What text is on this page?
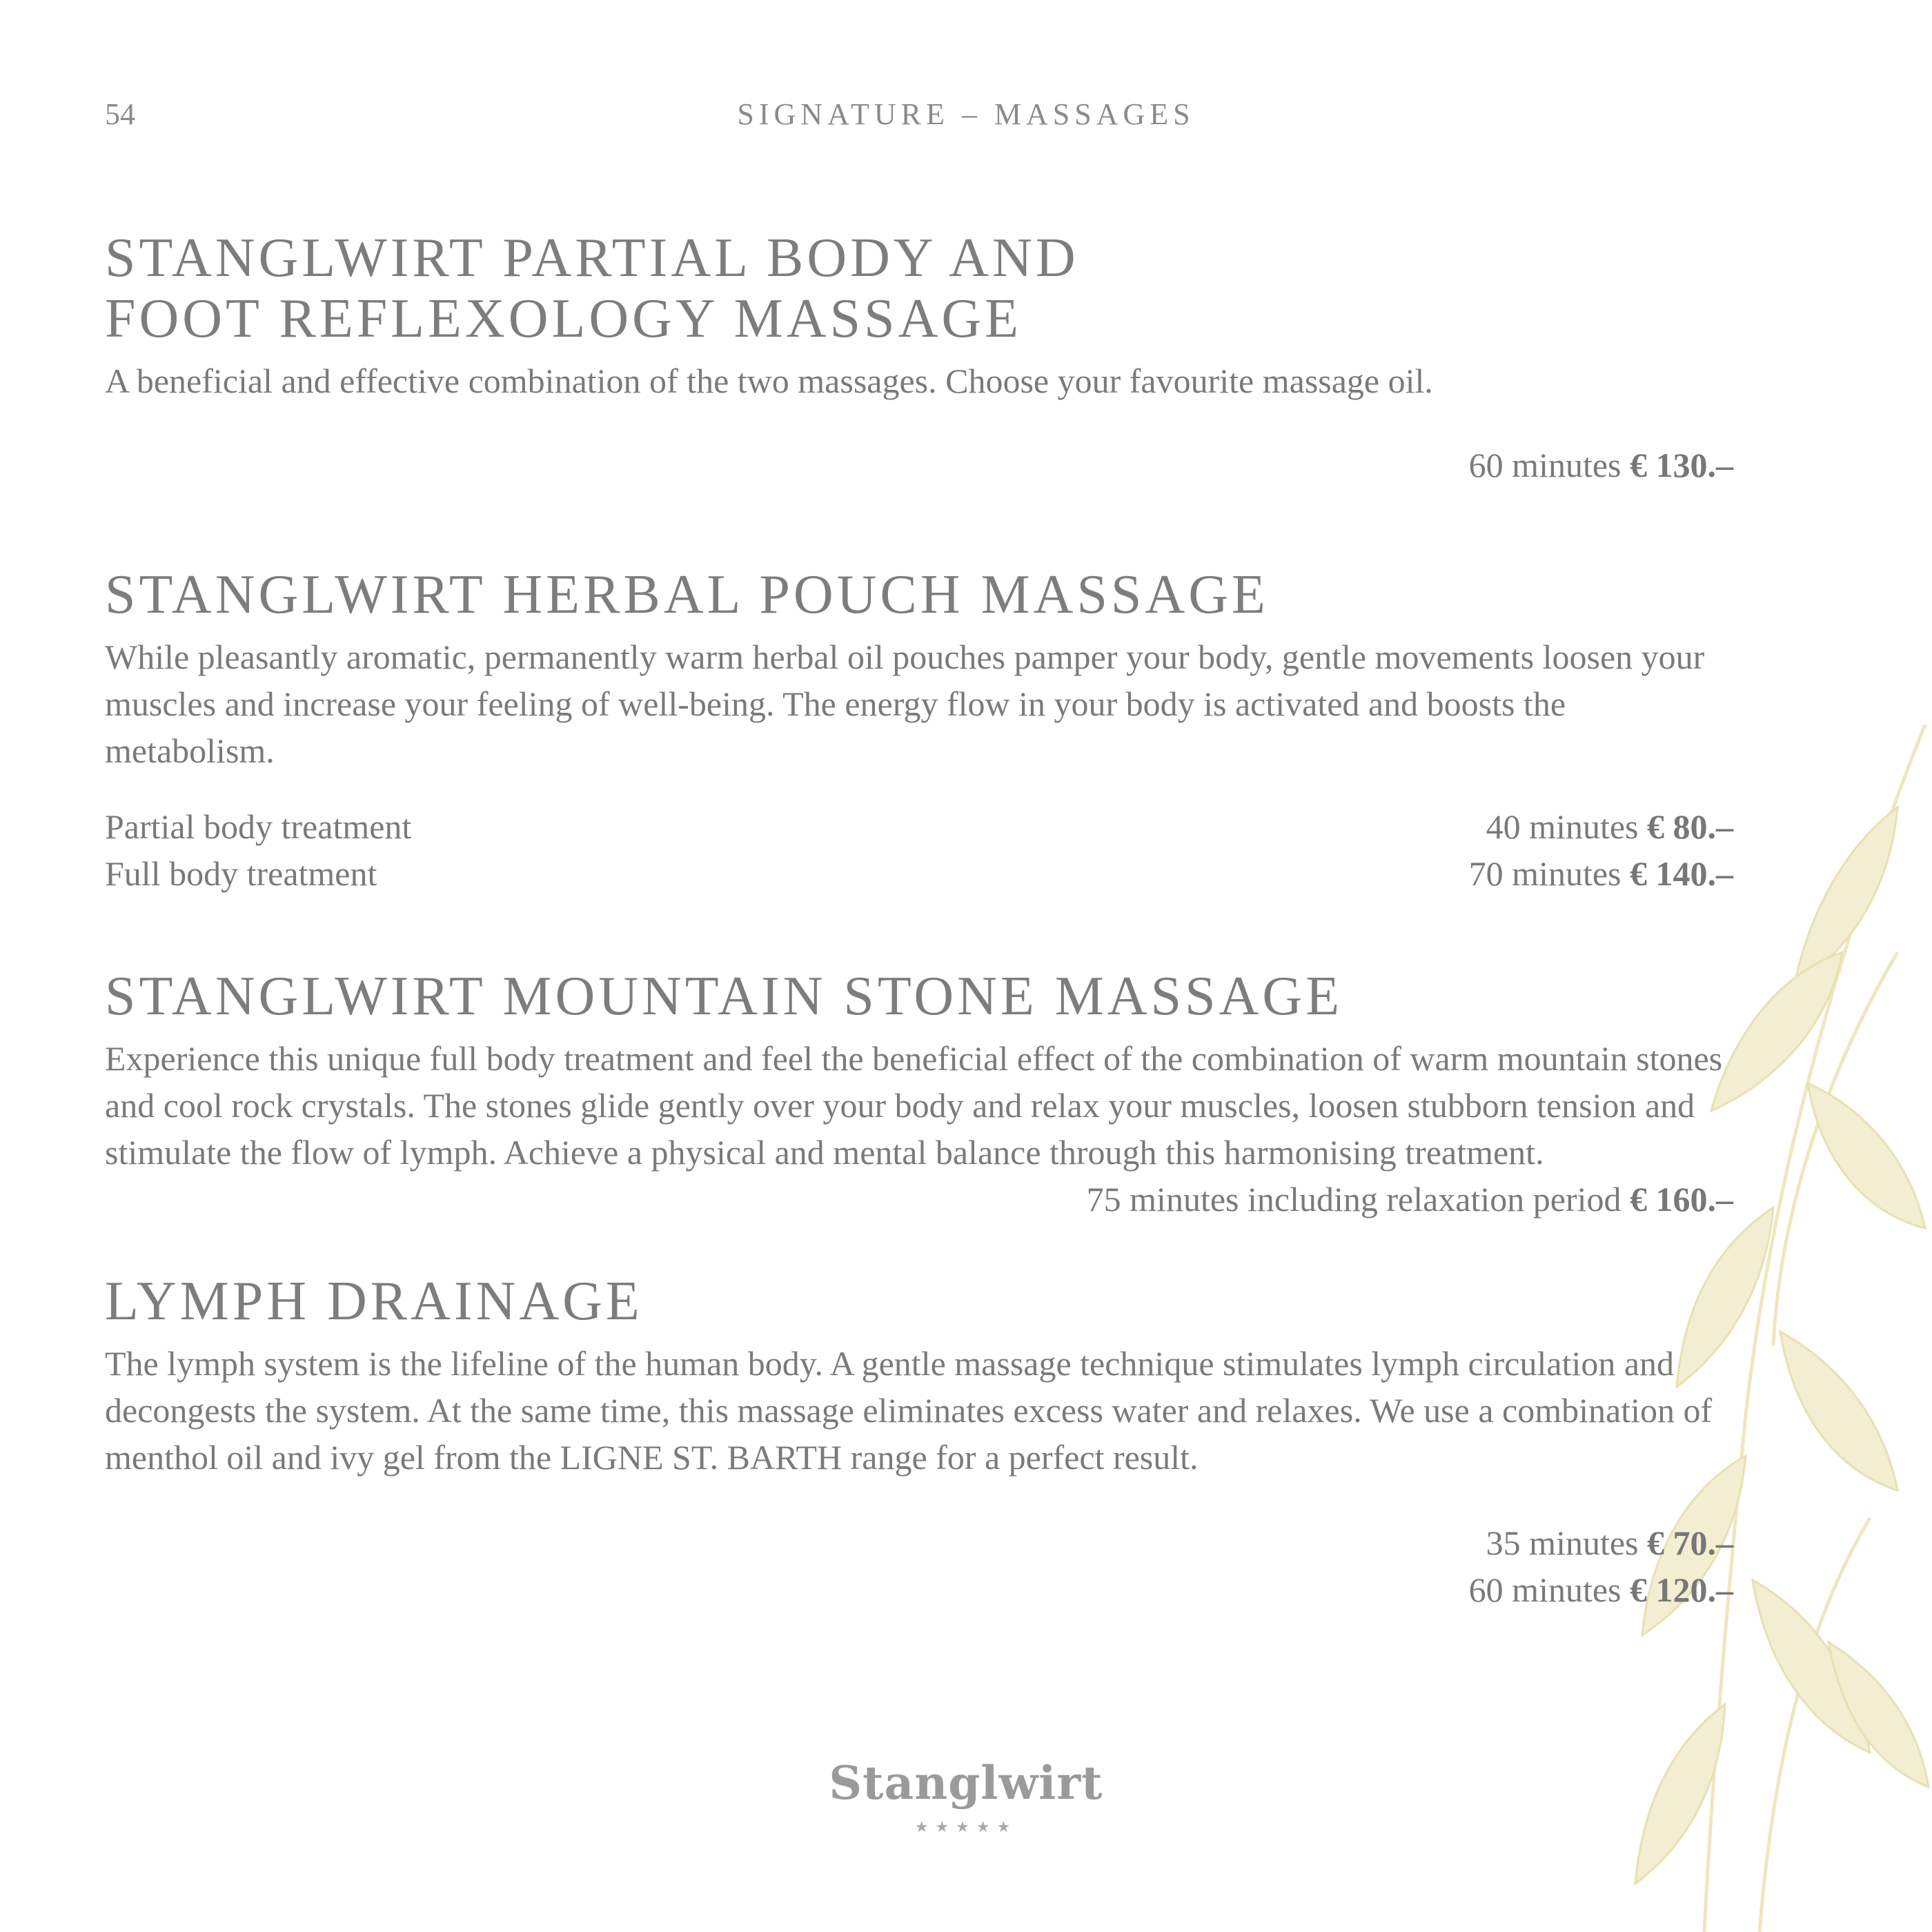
54	SIGNATURE – MASSAGES
STANGLWIRT PARTIAL BODY AND
FOOT REFLEXOLOGY MASSAGE

A beneficial and effective combination of the two massages. Choose your favourite massage oil.

60 minutes € 130.–
STANGLWIRT HERBAL POUCH MASSAGE

While pleasantly aromatic, permanently warm herbal oil pouches pamper your body, gentle movements loosen your muscles and increase your feeling of well-being. The energy flow in your body is activated and boosts the metabolism.

Partial body treatment	40 minutes € 80.–
Full body treatment	70 minutes € 140.–
STANGLWIRT MOUNTAIN STONE MASSAGE

Experience this unique full body treatment and feel the beneficial effect of the combination of warm mountain stones and cool rock crystals. The stones glide gently over your body and relax your muscles, loosen stubborn tension and stimulate the flow of lymph. Achieve a physical and mental balance through this harmonising treatment.

75 minutes including relaxation period € 160.–
LYMPH DRAINAGE

The lymph system is the lifeline of the human body. A gentle massage technique stimulates lymph circulation and decongests the system. At the same time, this massage eliminates excess water and relaxes. We use a combination of menthol oil and ivy gel from the LIGNE ST. BARTH range for a perfect result.

35 minutes € 70.–
60 minutes € 120.–
Stanglwirt
★★★★★
